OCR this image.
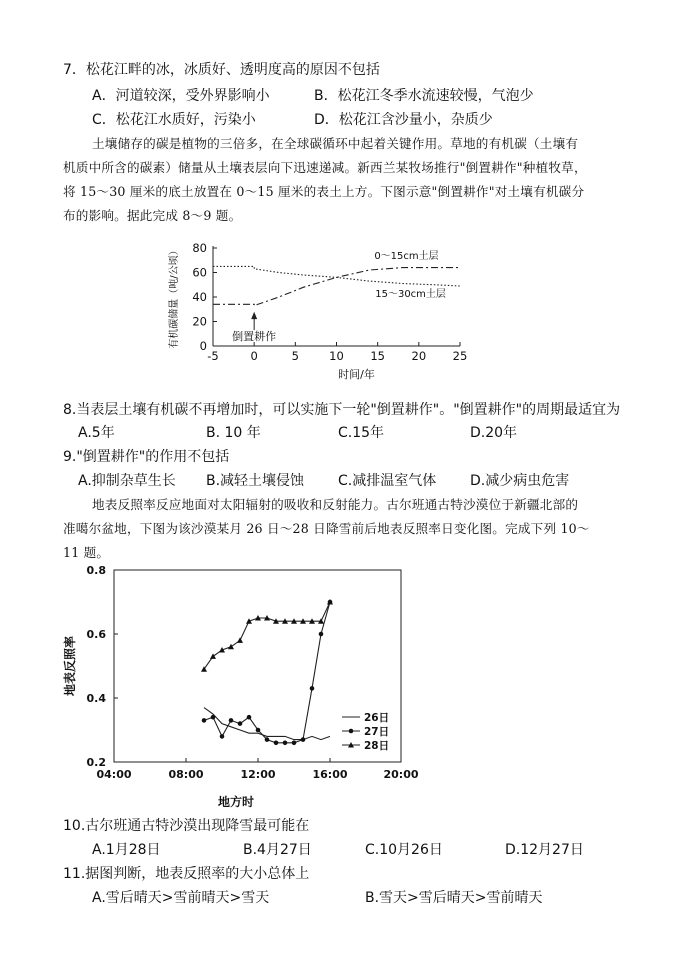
7．松花江畔的冰，冰质好、透明度高的原因不包括
A．河道较深，受外界影响小	B．松花江冬季水流速较慢，气泡少
C．松花江水质好，污染小	D．松花江含沙量小，杂质少
土壤储存的碳是植物的三倍多，在全球碳循环中起着关键作用。草地的有机碳（土壤有
机质中所含的碳素）储量从土壤表层向下迅速递减。新西兰某牧场推行"倒置耕作"种植牧草，
将 15～30 厘米的底土放置在 0～15 厘米的表土上方。下图示意"倒置耕作"对土壤有机碳分
布的影响。据此完成 8～9 题。
80
60
40
20
0
-5	0	5	10 15 20 25
时间/年
有机碳储量（吨/公顷）	0～15cm土层
15～30cm土层
倒置耕作
8.当表层土壤有机碳不再增加时，可以实施下一轮"倒置耕作"。"倒置耕作"的周期最适宜为
A.5年	B. 10 年	C.15年	D.20年
9."倒置耕作"的作用不包括
A.抑制杂草生长 B.减轻土壤侵蚀 C.减排温室气体 D.减少病虫危害
地表反照率反应地面对太阳辐射的吸收和反射能力。古尔班通古特沙漠位于新疆北部的
准噶尔盆地，下图为该沙漠某月 26 日～28 日降雪前后地表反照率日变化图。完成下列 10～
11 题。
0.8
0.6
0.4
0.2
04:00	08:00	12:00	16:00	20:00
地方时
地表反照率
26日
27日
28日
10.古尔班通古特沙漠出现降雪最可能在
A.1月28日	B.4月27日	C.10月26日	D.12月27日
11.据图判断，地表反照率的大小总体上
A.雪后晴天>雪前晴天>雪天	B.雪天>雪后晴天>雪前晴天
